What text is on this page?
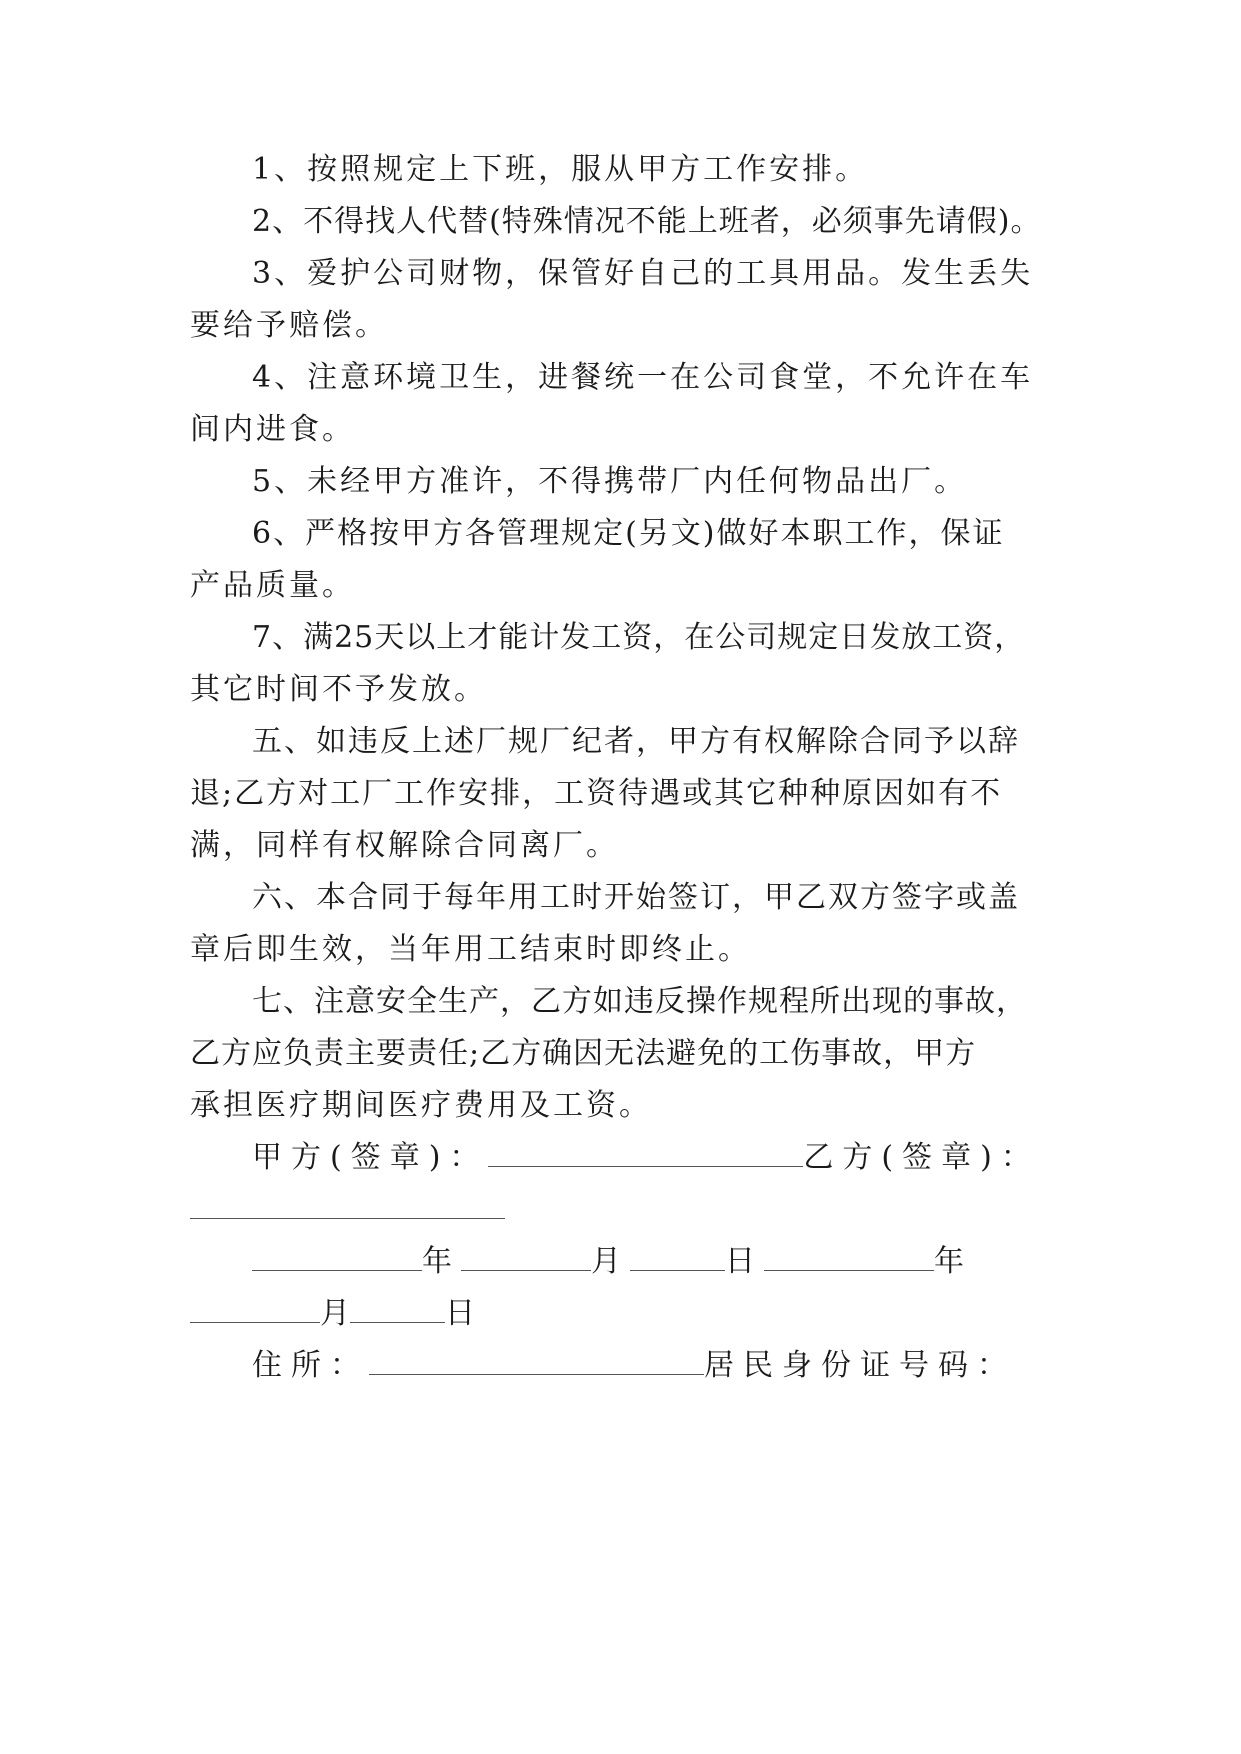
1、按照规定上下班，服从甲方工作安排。
2、不得找人代替(特殊情况不能上班者，必须事先请假)。
3、爱护公司财物，保管好自己的工具用品。发生丢失
要给予赔偿。
4、注意环境卫生，进餐统一在公司食堂，不允许在车
间内进食。
5、未经甲方准许，不得携带厂内任何物品出厂。
6、严格按甲方各管理规定(另文)做好本职工作，保证
产品质量。
7、满25天以上才能计发工资，在公司规定日发放工资，
其它时间不予发放。
五、如违反上述厂规厂纪者，甲方有权解除合同予以辞
退;乙方对工厂工作安排，工资待遇或其它种种原因如有不
满，同样有权解除合同离厂。
六、本合同于每年用工时开始签订，甲乙双方签字或盖
章后即生效，当年用工结束时即终止。
七、注意安全生产，乙方如违反操作规程所出现的事故，
乙方应负责主要责任;乙方确因无法避免的工伤事故，甲方
承担医疗期间医疗费用及工资。
甲方(签章)：	乙方(签章)：
年	月	日	年
月	日
住所：	居民身份证号码：
